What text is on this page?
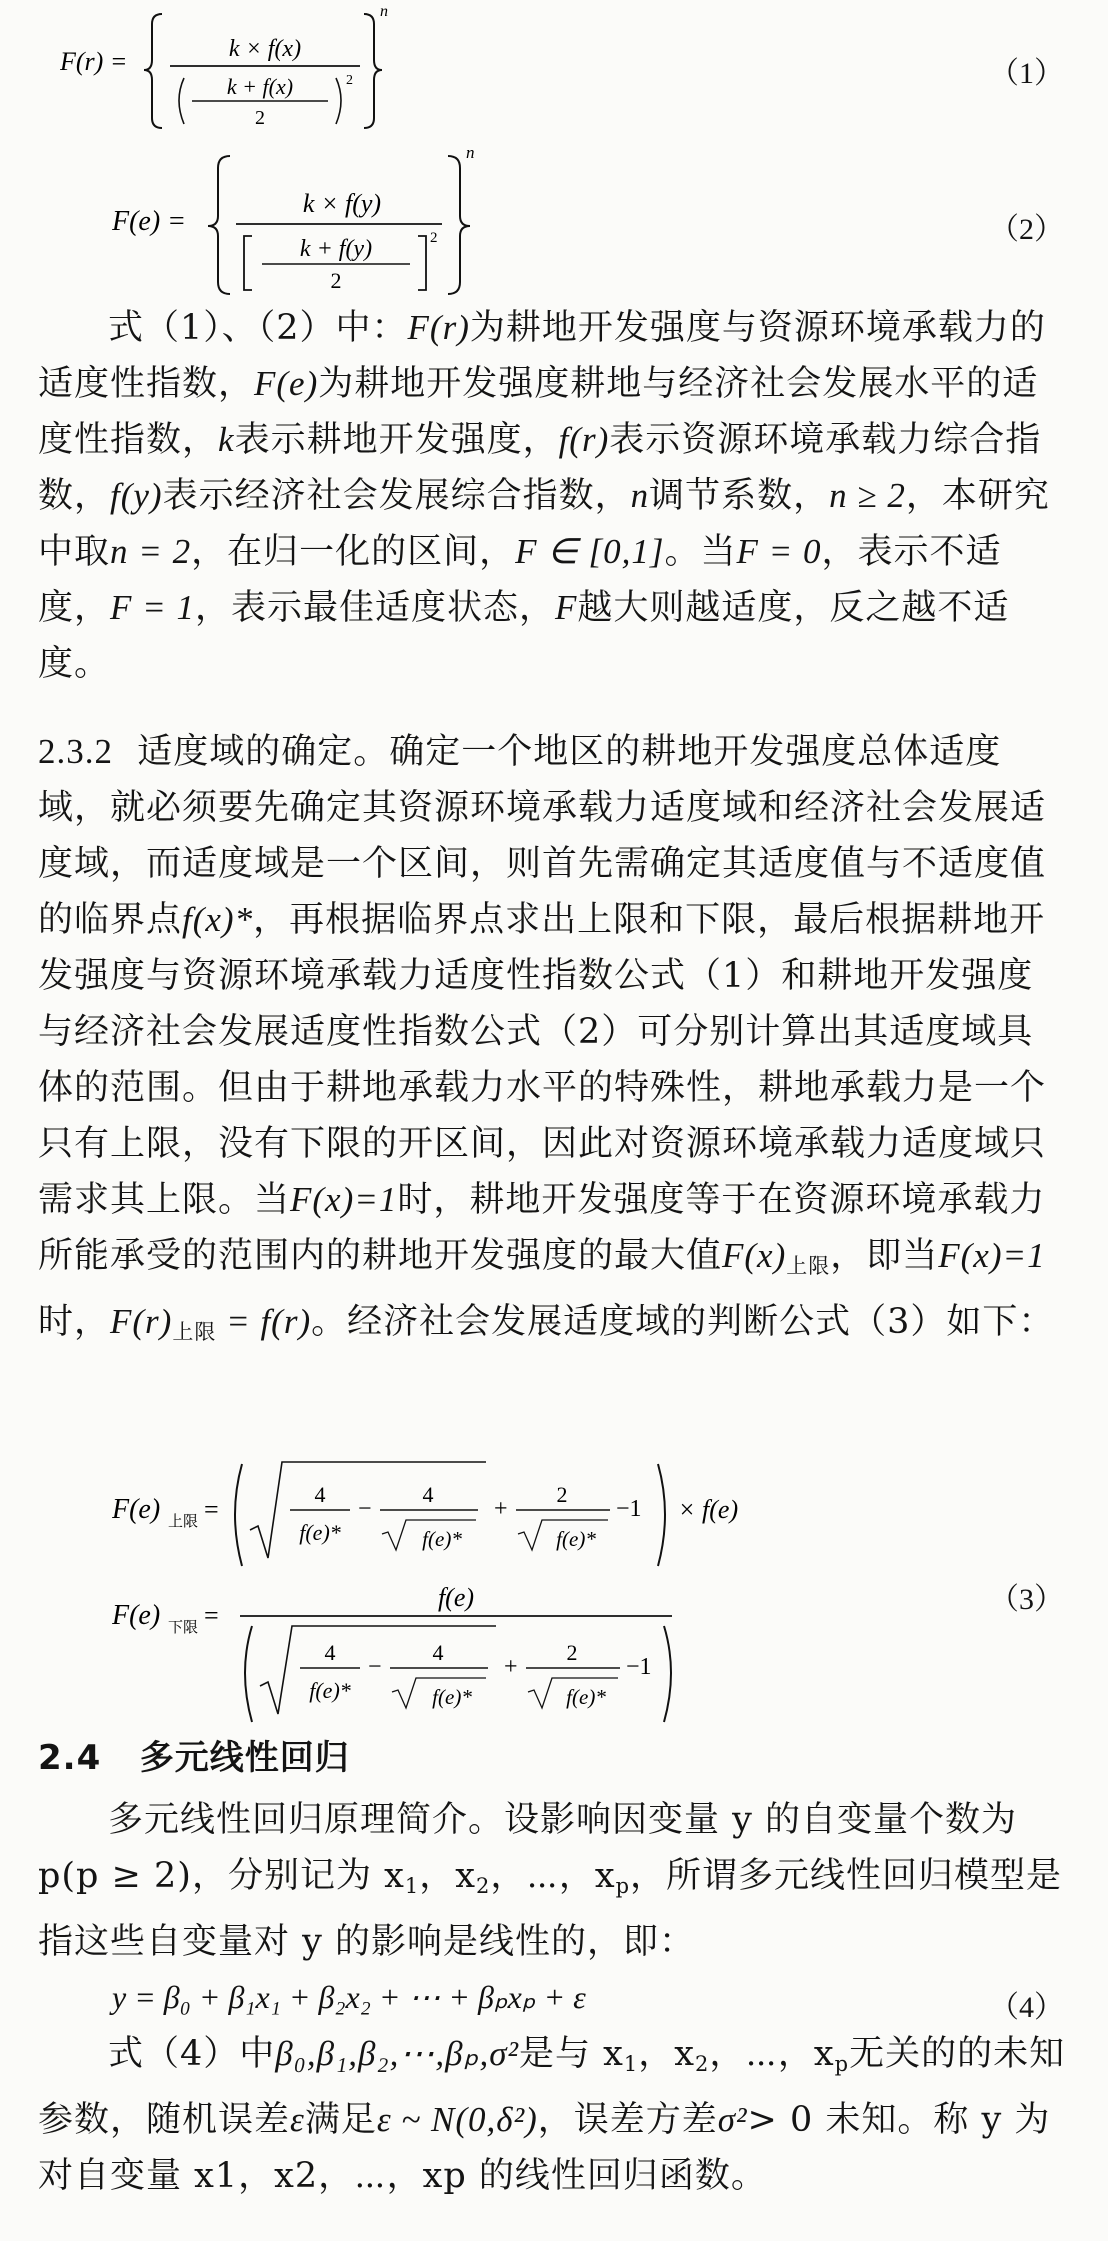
F(r) =	k × f(x)
k + f(x)
2
2
n
（1）
F(e) =
k × f(y)
k + f(y)
2
2
n
（2）

式（1）、（2）中：F(r)为耕地开发强度与资源环境承载力的适度性指数，F(e)为耕地开发强度耕地与经济社会发展水平的适度性指数，k表示耕地开发强度，f(r)表示资源环境承载力综合指数，f(y)表示经济社会发展综合指数，n调节系数，n ≥ 2，本研究中取n = 2，在归一化的区间，F ∈ [0,1]。当F = 0，表示不适度，F = 1，表示最佳适度状态，F越大则越适度，反之越不适度。

2.3.2 适度域的确定。确定一个地区的耕地开发强度总体适度域，就必须要先确定其资源环境承载力适度域和经济社会发展适度域，而适度域是一个区间，则首先需确定其适度值与不适度值的临界点f(x)*，再根据临界点求出上限和下限，最后根据耕地开发强度与资源环境承载力适度性指数公式（1）和耕地开发强度与经济社会发展适度性指数公式（2）可分别计算出其适度域具体的范围。但由于耕地承载力水平的特殊性，耕地承载力是一个只有上限，没有下限的开区间，因此对资源环境承载力适度域只需求其上限。当F(x)=1时，耕地开发强度等于在资源环境承载力所能承受的范围内的耕地开发强度的最大值$F(x)_{上限}$，即当F(x)=1时，$F(r)_{上限} = f(r)$。经济社会发展适度域的判断公式（3）如下：

F(e) 上限 =
4
f(e)*
−
4
f(e)*
+
2
f(e)*
−1 × f(e)
F(e) 下限 =
f(e)
4
f(e)*
−
4
f(e)*
+
2
f(e)*
−1
（3）

2.4 多元线性回归

多元线性回归原理简介。设影响因变量 y 的自变量个数为 p(p ≥ 2)，分别记为 $x_1$，$x_2$，⋯，$x_p$，所谓多元线性回归模型是指这些自变量对 y 的影响是线性的，即：

y = β₀ + β₁x₁ + β₂x₂ + ⋯ + βₚxₚ + ε	（4）

式（4）中β₀,β₁,β₂,⋯,βₚ,σ²是与 $x_1$，$x_2$，⋯，$x_p$无关的的未知参数，随机误差ε满足ε ~ N(0,δ²)，误差方差σ²> 0 未知。称 y 为对自变量 x1，x2，⋯，xp 的线性回归函数。
